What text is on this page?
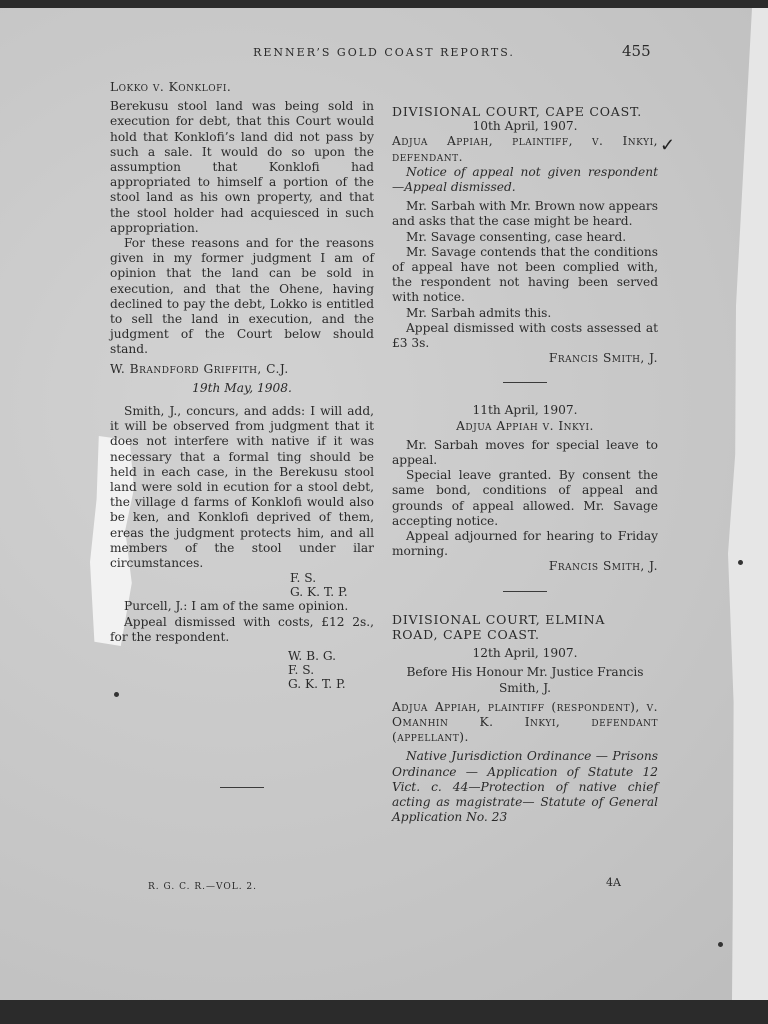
RENNER’S GOLD COAST REPORTS.	455

Lokko v. Konklofi.

Berekusu stool land was being sold in execution for debt, that this Court would hold that Konklofi’s land did not pass by such a sale. It would do so upon the assumption that Konklofi had appropriated to himself a portion of the stool land as his own property, and that the stool holder had acquiesced in such appropriation.

For these reasons and for the reasons given in my former judgment I am of opinion that the land can be sold in execution, and that the Ohene, having declined to pay the debt, Lokko is entitled to sell the land in execution, and the judgment of the Court below should stand.

W. Brandford Griffith, C.J.

19th May, 1908.

Smith, J., concurs, and adds: I will add, it will be observed from judgment that it does not interfere with native if it was necessary that a formal ting should be held in each case, in the Berekusu stool land were sold in ecution for a stool debt, the village d farms of Konklofi would also be ken, and Konklofi deprived of them, ereas the judgment protects him, and all members of the stool under ilar circumstances.

F. S.

G. K. T. P.

Purcell, J.: I am of the same opinion.

Appeal dismissed with costs, £12 2s., for the respondent.

W. B. G.

F. S.

G. K. T. P.

DIVISIONAL COURT, CAPE COAST.

10th April, 1907.

Adjua Appiah, plaintiff, v. Inkyi, defendant.

Notice of appeal not given respondent —Appeal dismissed.

Mr. Sarbah with Mr. Brown now appears and asks that the case might be heard.

Mr. Savage consenting, case heard.

Mr. Savage contends that the conditions of appeal have not been complied with, the respondent not having been served with notice.

Mr. Sarbah admits this.

Appeal dismissed with costs assessed at £3 3s.

Francis Smith, J.

11th April, 1907.

Adjua Appiah v. Inkyi.

Mr. Sarbah moves for special leave to appeal.

Special leave granted. By consent the same bond, conditions of appeal and grounds of appeal allowed. Mr. Savage accepting notice.

Appeal adjourned for hearing to Friday morning.

Francis Smith, J.

DIVISIONAL COURT, ELMINA

ROAD, CAPE COAST.

12th April, 1907.

Before His Honour Mr. Justice Francis Smith, J.

Adjua Appiah, plaintiff (respondent), v. Omanhin K. Inkyi, defendant (appellant).

Native Jurisdiction Ordinance — Prisons Ordinance — Application of Statute 12 Vict. c. 44—Protection of native chief acting as magistrate— Statute of General Application No. 23

✓
R. G. C. R.—VOL. 2.	4A
